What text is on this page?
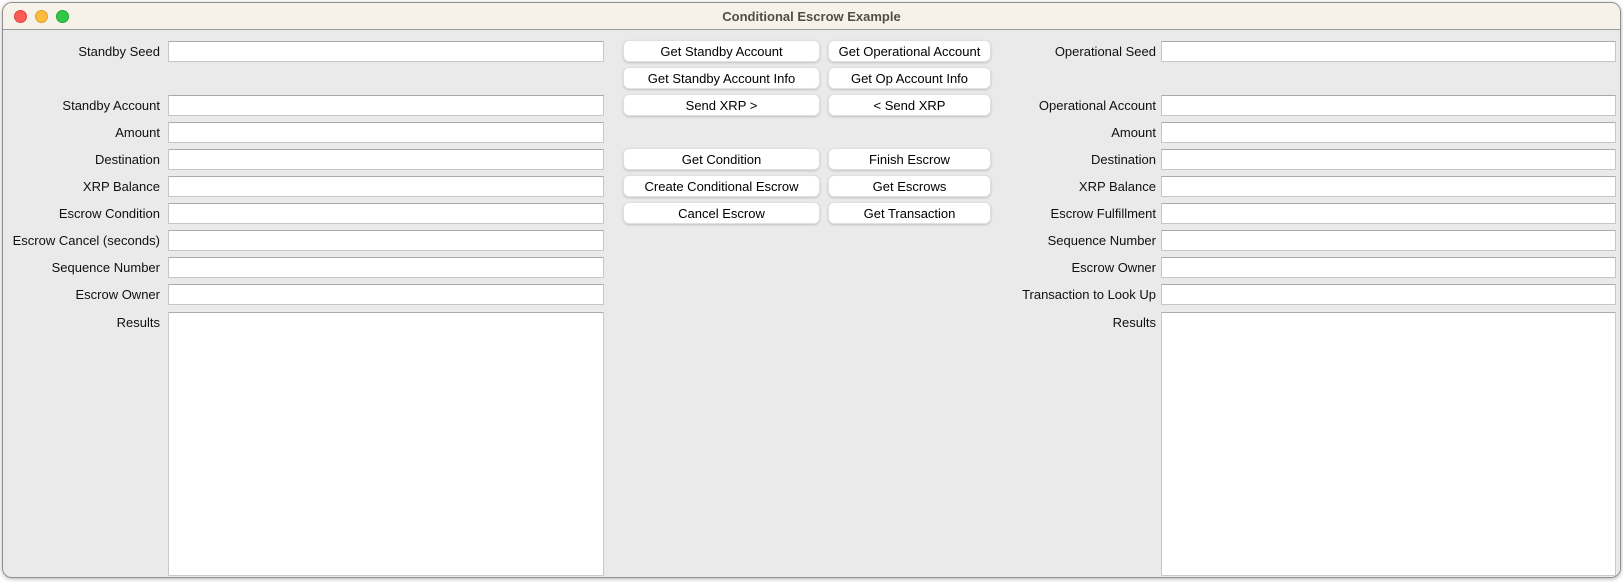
Conditional Escrow Example
Standby Seed
Standby Account
Amount
Destination
XRP Balance
Escrow Condition
Escrow Cancel (seconds)
Sequence Number
Escrow Owner
Results
Get Standby Account
Get Standby Account Info
Send XRP >
Get Condition
Create Conditional Escrow
Cancel Escrow
Get Operational Account
Get Op Account Info
< Send XRP
Finish Escrow
Get Escrows
Get Transaction
Operational Seed
Operational Account
Amount
Destination
XRP Balance
Escrow Fulfillment
Sequence Number
Escrow Owner
Transaction to Look Up
Results
